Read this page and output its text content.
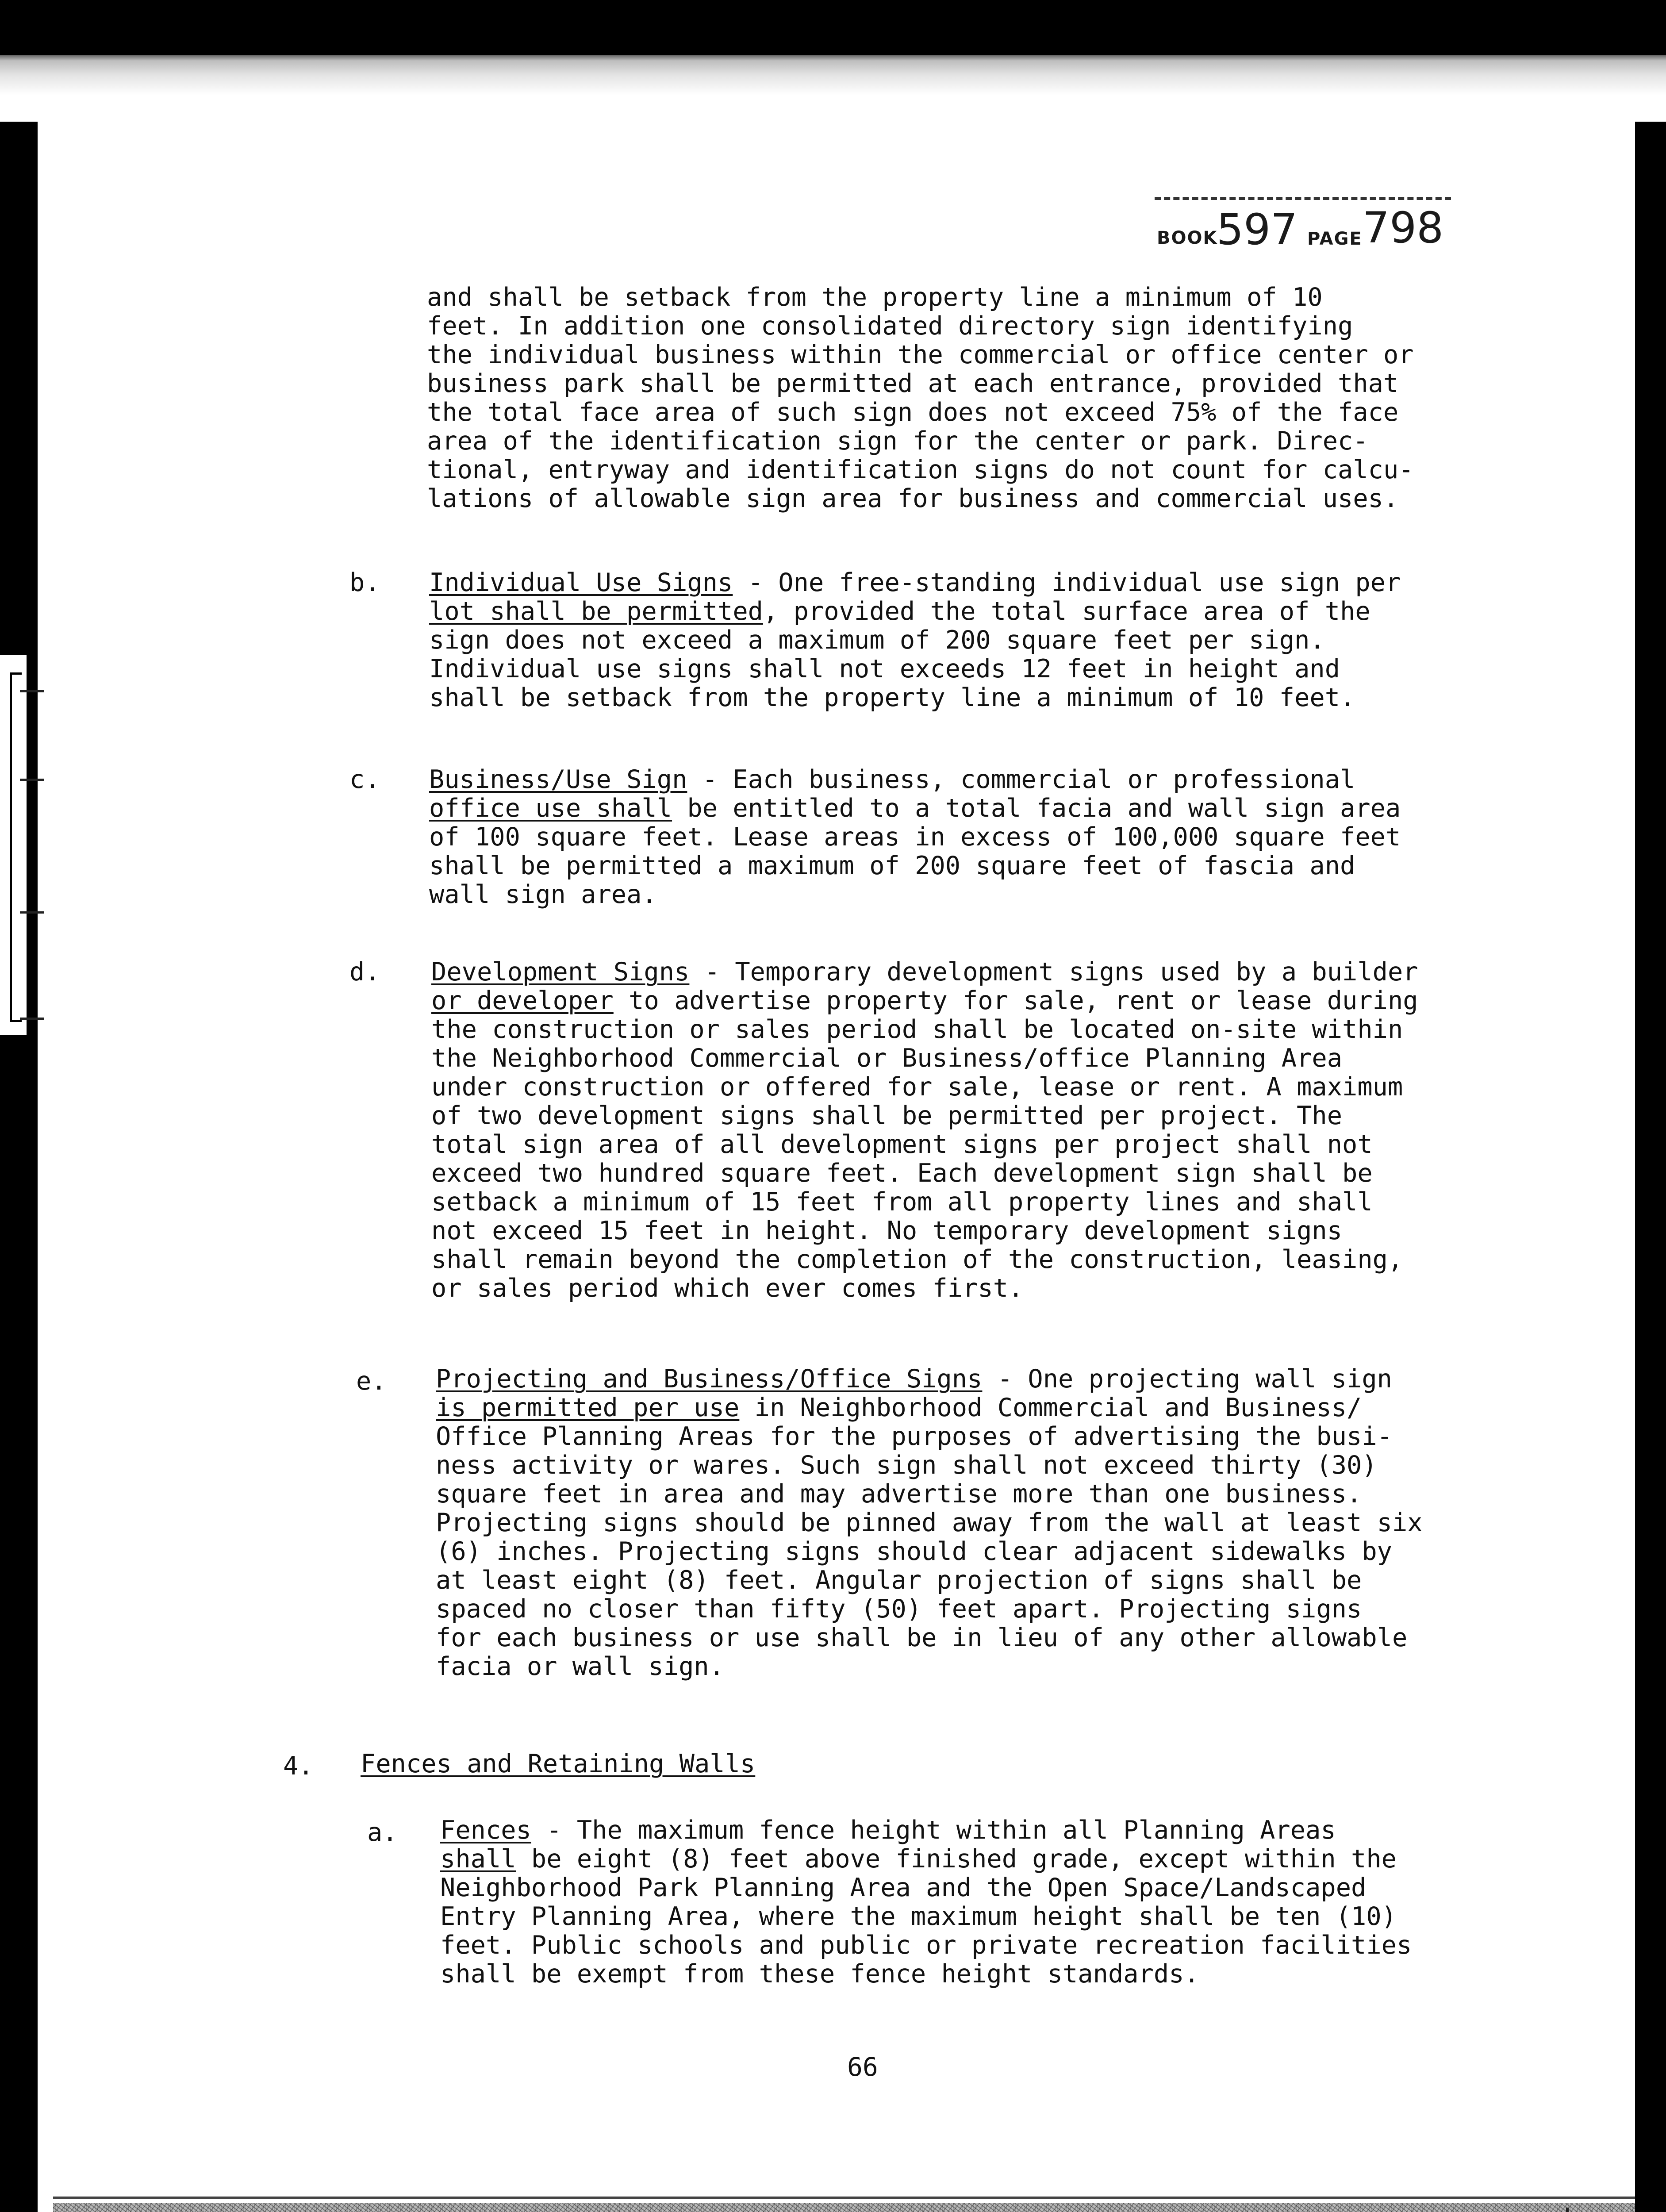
BOOK
597 PAGE 798
and shall be setback from the property line a minimum of 10
feet. In addition one consolidated directory sign identifying
the individual business within the commercial or office center or
business park shall be permitted at each entrance, provided that
the total face area of such sign does not exceed 75% of the face
area of the identification sign for the center or park. Direc-
tional, entryway and identification signs do not count for calcu-
lations of allowable sign area for business and commercial uses.
b. Individual Use Signs - One free-standing individual use sign per
lot shall be permitted, provided the total surface area of the
sign does not exceed a maximum of 200 square feet per sign.
Individual use signs shall not exceeds 12 feet in height and
shall be setback from the property line a minimum of 10 feet.
c. Business/Use Sign - Each business, commercial or professional
office use shall be entitled to a total facia and wall sign area
of 100 square feet. Lease areas in excess of 100,000 square feet
shall be permitted a maximum of 200 square feet of fascia and
wall sign area.
d. Development Signs - Temporary development signs used by a builder
or developer to advertise property for sale, rent or lease during
the construction or sales period shall be located on-site within
the Neighborhood Commercial or Business/office Planning Area
under construction or offered for sale, lease or rent. A maximum
of two development signs shall be permitted per project. The
total sign area of all development signs per project shall not
exceed two hundred square feet. Each development sign shall be
setback a minimum of 15 feet from all property lines and shall
not exceed 15 feet in height. No temporary development signs
shall remain beyond the completion of the construction, leasing,
or sales period which ever comes first.
e. Projecting and Business/Office Signs - One projecting wall sign
is permitted per use in Neighborhood Commercial and Business/
Office Planning Areas for the purposes of advertising the busi-
ness activity or wares. Such sign shall not exceed thirty (30)
square feet in area and may advertise more than one business.
Projecting signs should be pinned away from the wall at least six
(6) inches. Projecting signs should clear adjacent sidewalks by
at least eight (8) feet. Angular projection of signs shall be
spaced no closer than fifty (50) feet apart. Projecting signs
for each business or use shall be in lieu of any other allowable
facia or wall sign.
4. Fences and Retaining Walls
a. Fences - The maximum fence height within all Planning Areas
shall be eight (8) feet above finished grade, except within the
Neighborhood Park Planning Area and the Open Space/Landscaped
Entry Planning Area, where the maximum height shall be ten (10)
feet. Public schools and public or private recreation facilities
shall be exempt from these fence height standards.
66
